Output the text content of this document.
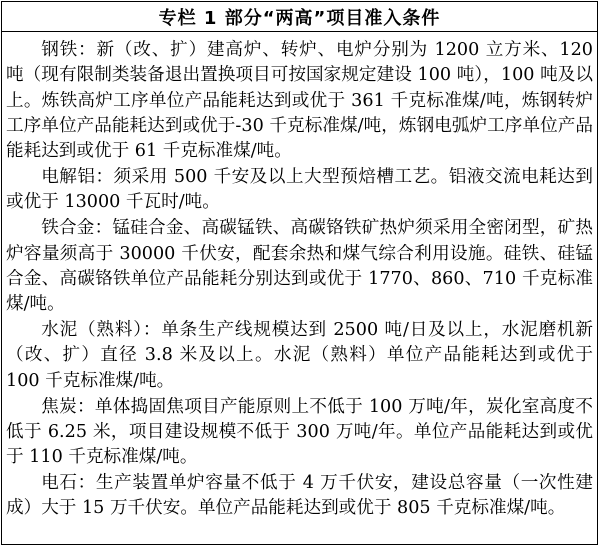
专栏 1 部分“两高”项目准入条件

钢铁：新（改、扩）建高炉、转炉、电炉分别为 1200 立方米、120 吨（现有限制类装备退出置换项目可按国家规定建设 100 吨），100 吨及以上。炼铁高炉工序单位产品能耗达到或优于 361 千克标准煤/吨，炼钢转炉工序单位产品能耗达到或优于-30 千克标准煤/吨，炼钢电弧炉工序单位产品能耗达到或优于 61 千克标准煤/吨。

电解铝：须采用 500 千安及以上大型预焙槽工艺。铝液交流电耗达到或优于 13000 千瓦时/吨。

铁合金：锰硅合金、高碳锰铁、高碳铬铁矿热炉须采用全密闭型，矿热炉容量须高于 30000 千伏安，配套余热和煤气综合利用设施。硅铁、硅锰合金、高碳铬铁单位产品能耗分别达到或优于 1770、860、710 千克标准煤/吨。

水泥（熟料）：单条生产线规模达到 2500 吨/日及以上，水泥磨机新（改、扩）直径 3.8 米及以上。水泥（熟料）单位产品能耗达到或优于 100 千克标准煤/吨。

焦炭：单体捣固焦项目产能原则上不低于 100 万吨/年，炭化室高度不低于 6.25 米，项目建设规模不低于 300 万吨/年。单位产品能耗达到或优于 110 千克标准煤/吨。

电石：生产装置单炉容量不低于 4 万千伏安，建设总容量（一次性建成）大于 15 万千伏安。单位产品能耗达到或优于 805 千克标准煤/吨。
